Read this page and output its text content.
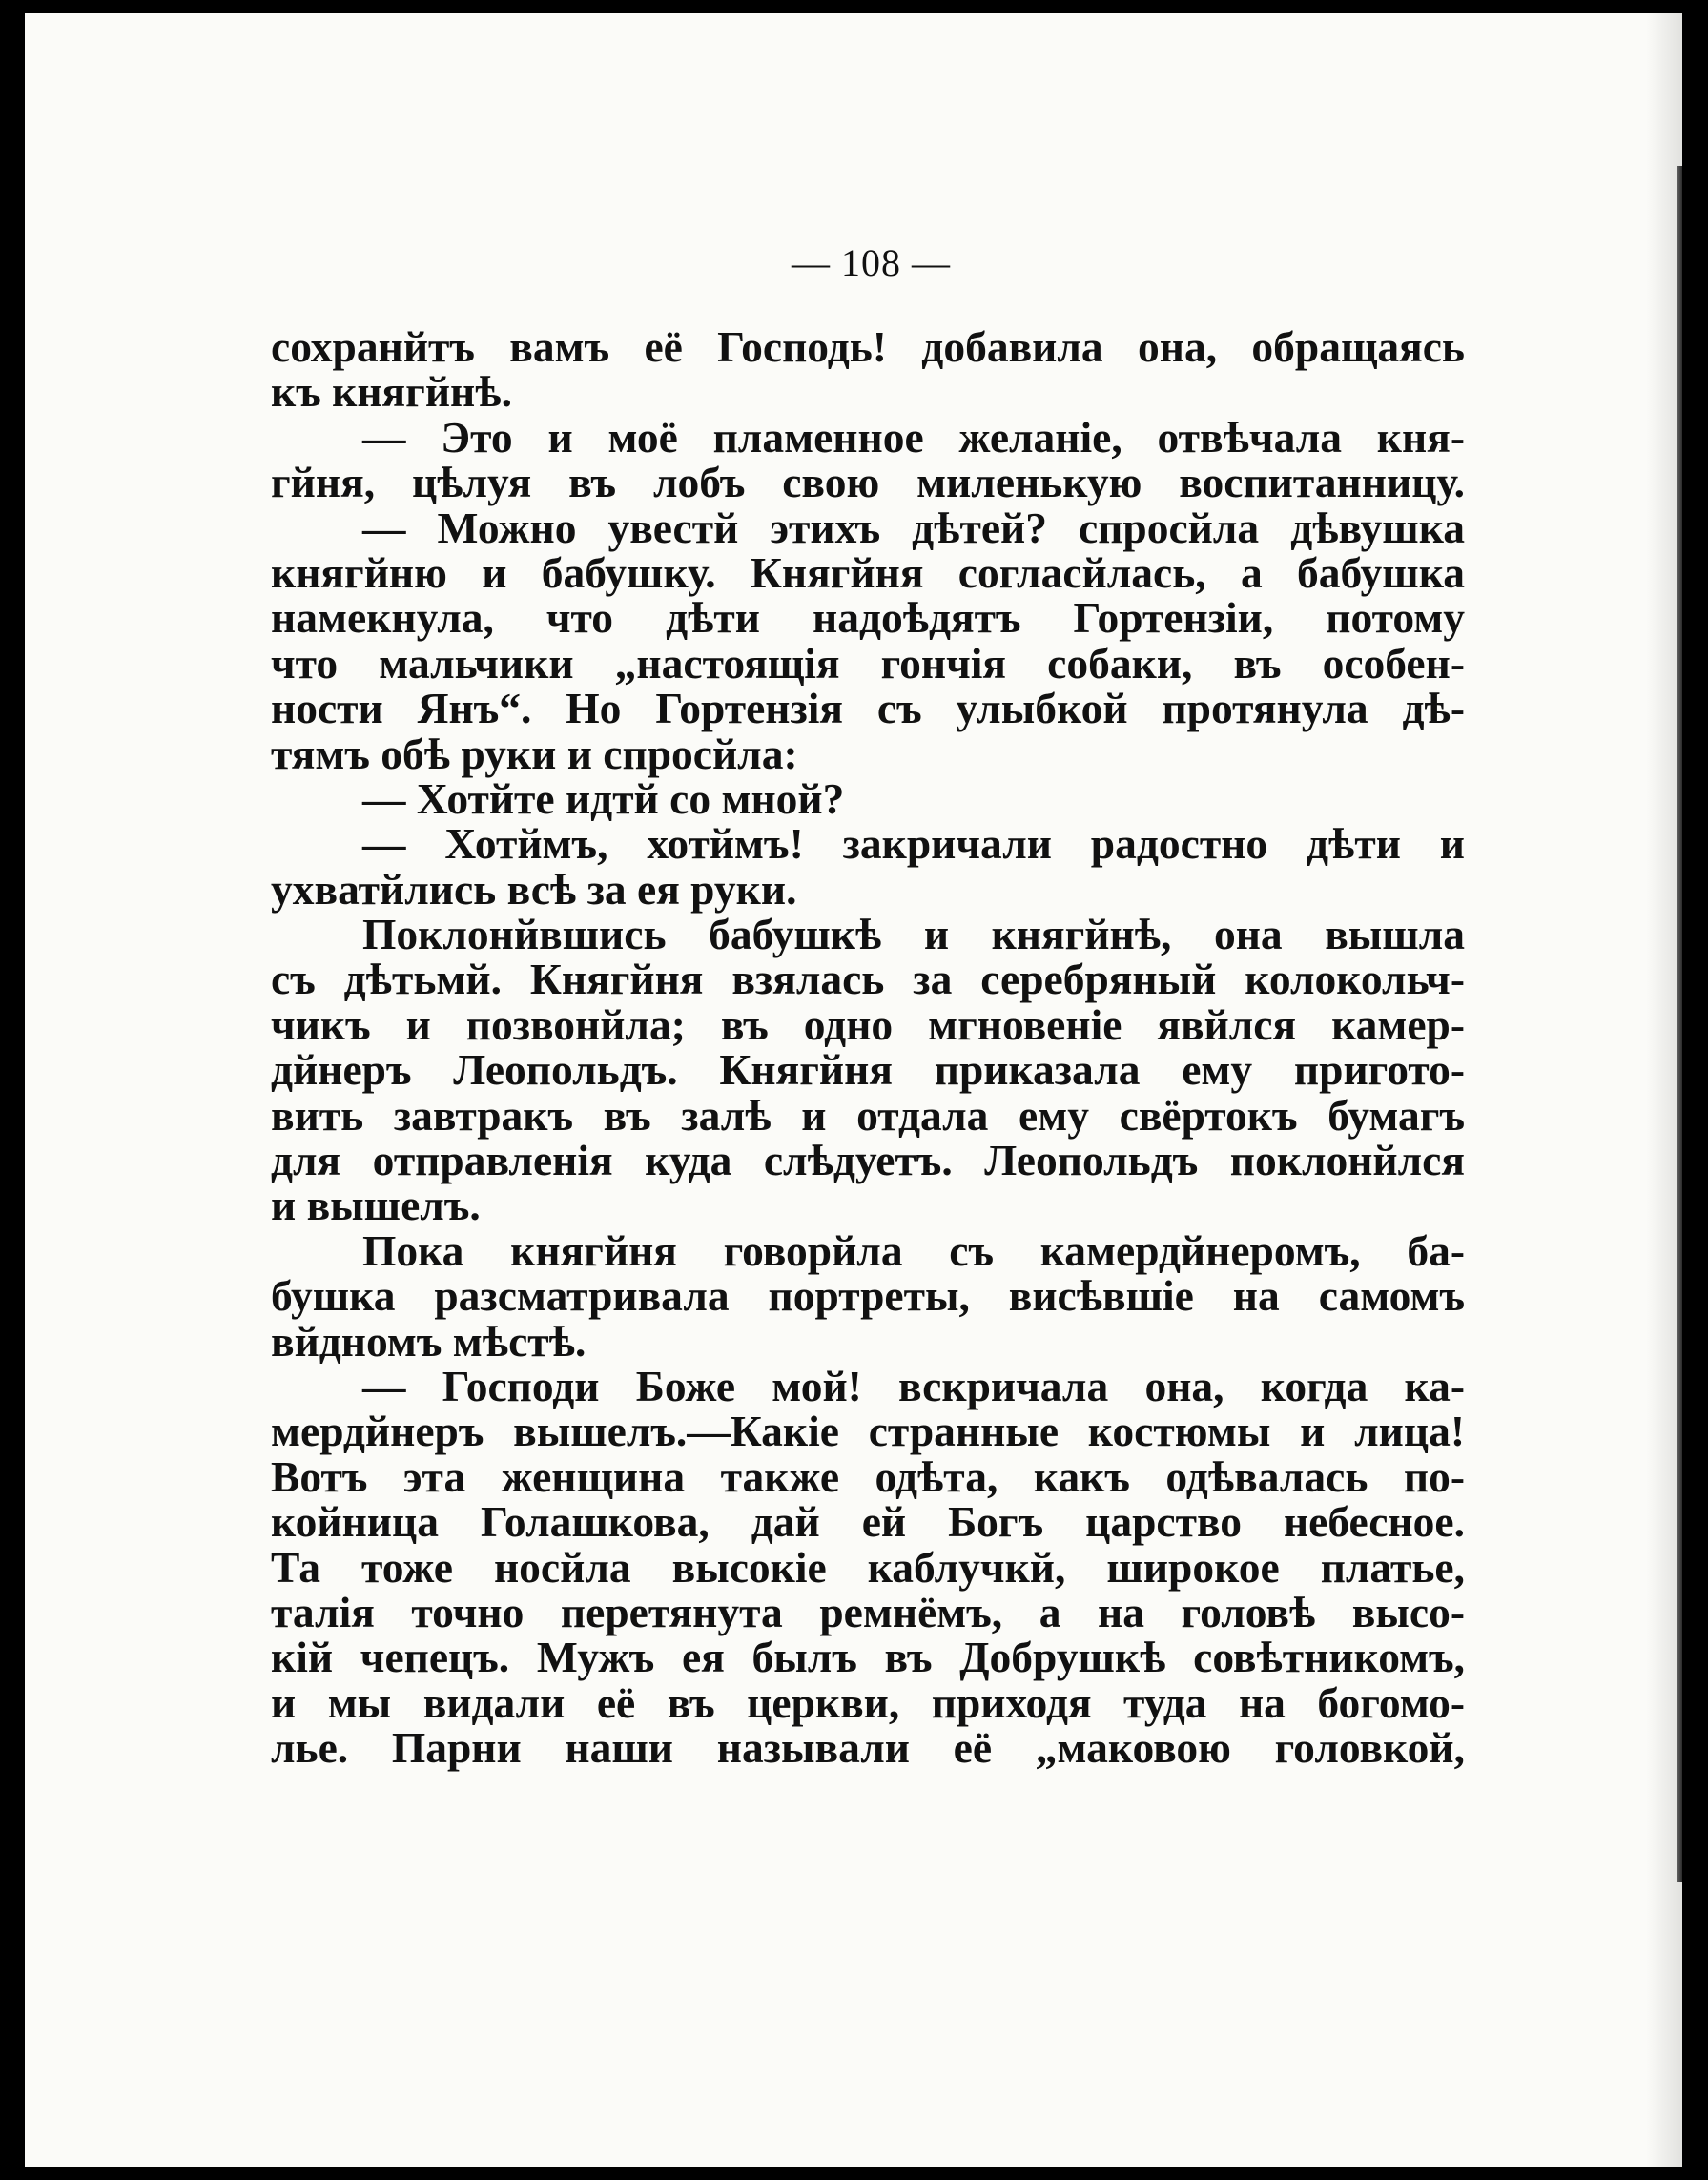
— 108 —
сохранйтъ вамъ её Господь! добавила она, обращаясь
къ княгйнѣ.
— Это и моё пламенное желаніе, отвѣчала кня-
гйня, цѣлуя въ лобъ свою миленькую воспитанницу.
— Можно увестй этихъ дѣтей? спросйла дѣвушка
княгйню и бабушку. Княгйня согласйлась, а бабушка
намекнула, что дѣти надоѣдятъ Гортензіи, потому
что мальчики „настоящія гончія собаки, въ особен-
ности Янъ“. Но Гортензія съ улыбкой протянула дѣ-
тямъ обѣ руки и спросйла:
— Хотйте идтй со мной?
— Хотймъ, хотймъ! закричали радостно дѣти и
ухватйлись всѣ за ея руки.
Поклонйвшись бабушкѣ и княгйнѣ, она вышла
съ дѣтьмй. Княгйня взялась за серебряный колокольч-
чикъ и позвонйла; въ одно мгновеніе явйлся камер-
дйнеръ Леопольдъ. Княгйня приказала ему пригото-
вить завтракъ въ залѣ и отдала ему свёртокъ бумагъ
для отправленія куда слѣдуетъ. Леопольдъ поклонйлся
и вышелъ.
Пока княгйня говорйла съ камердйнеромъ, ба-
бушка разсматривала портреты, висѣвшіе на самомъ
вйдномъ мѣстѣ.
— Господи Боже мой! вскричала она, когда ка-
мердйнеръ вышелъ.—Какіе странные костюмы и лица!
Вотъ эта женщина также одѣта, какъ одѣвалась по-
койница Голашкова, дай ей Богъ царство небесное.
Та тоже носйла высокіе каблучкй, широкое платье,
талія точно перетянута ремнёмъ, а на головѣ высо-
кій чепецъ. Мужъ ея былъ въ Добрушкѣ совѣтникомъ,
и мы видали её въ церкви, приходя туда на богомо-
лье. Парни наши называли её „маковою головкой,
